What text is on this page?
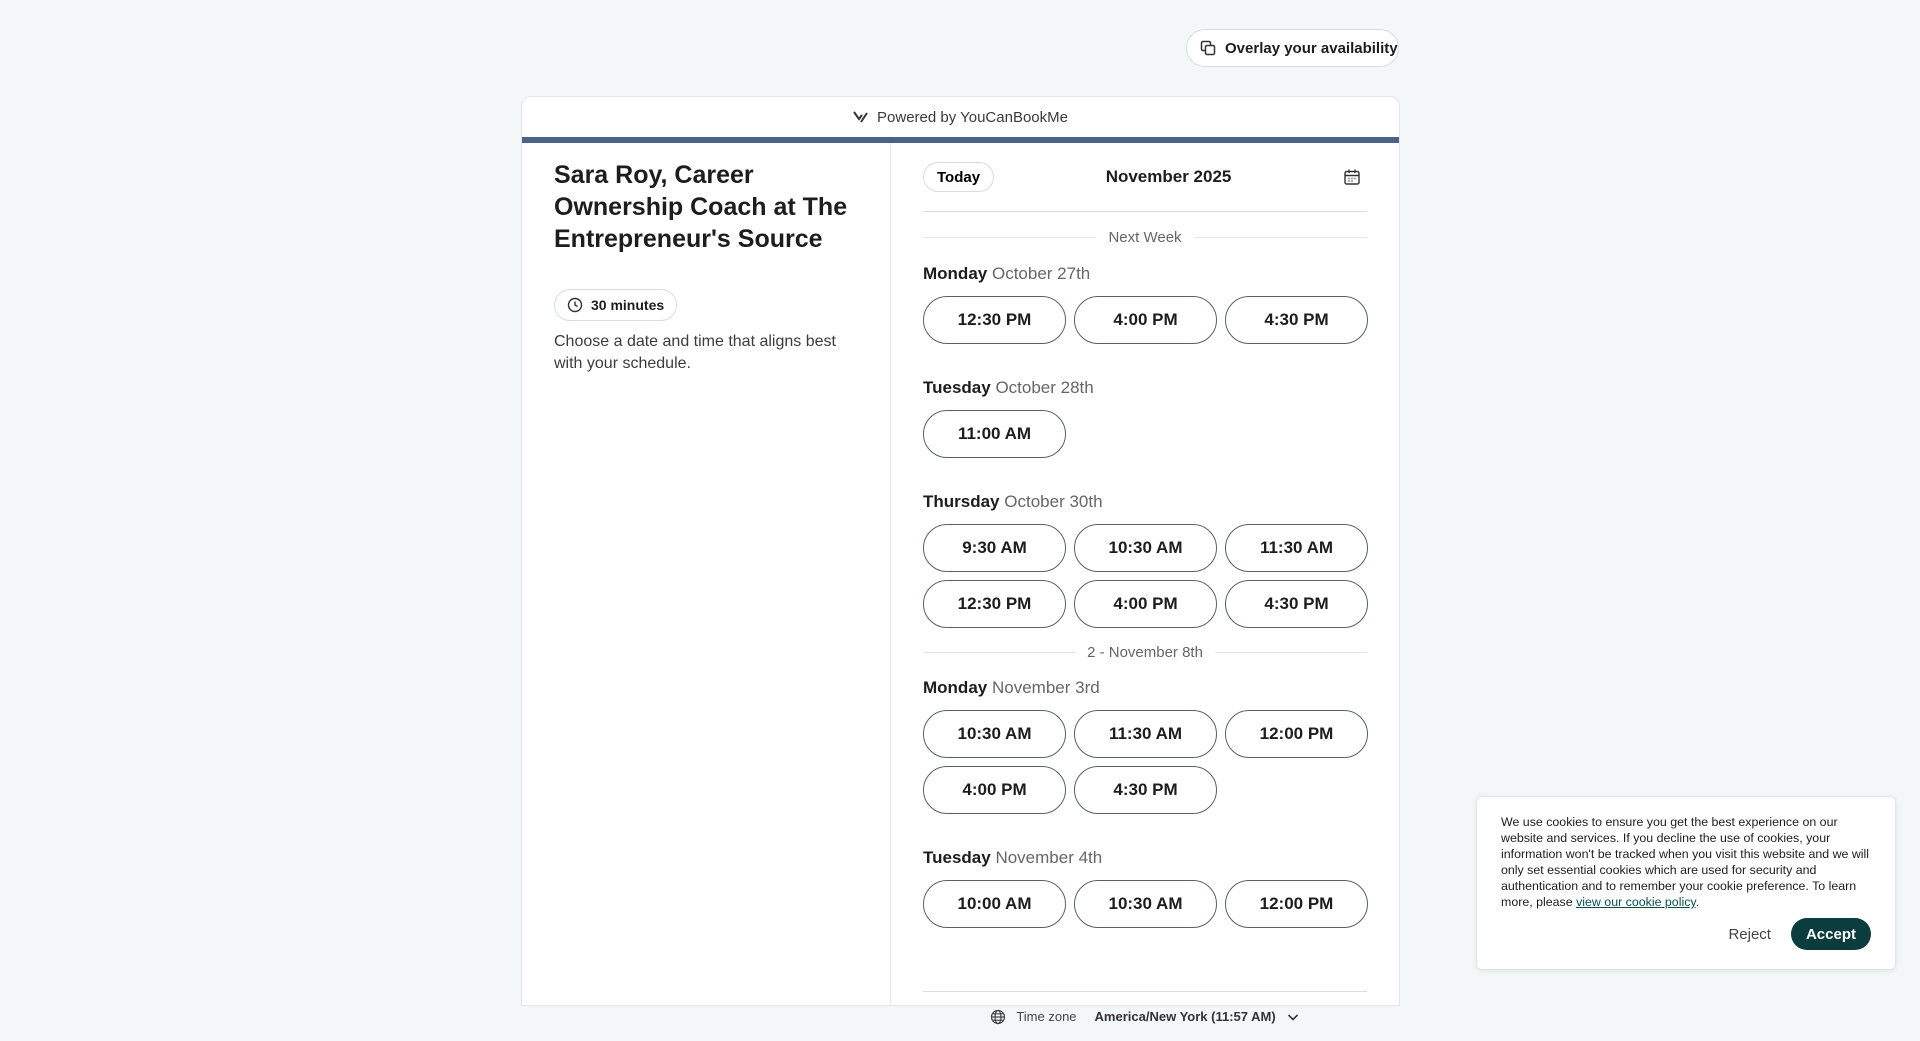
Overlay your availability
Powered by YouCanBookMe
Sara Roy, Career Ownership Coach at The Entrepreneur's Source
30 minutes

Choose a date and time that aligns best with your schedule.

Today	November 2025
Next Week
Monday October 27th
12:30 PM	4:00 PM	4:30 PM
Tuesday October 28th
11:00 AM
Thursday October 30th
9:30 AM	10:30 AM	11:30 AM
12:30 PM	4:00 PM	4:30 PM
2 - November 8th
Monday November 3rd
10:30 AM	11:30 AM	12:00 PM
4:00 PM	4:30 PM
Tuesday November 4th
10:00 AM	10:30 AM	12:00 PM
Time zone America/New York (11:57 AM)

We use cookies to ensure you get the best experience on our website and services. If you decline the use of cookies, your information won't be tracked when you visit this website and we will only set essential cookies which are used for security and authentication and to remember your cookie preference. To learn more, please view our cookie policy.

Reject	Accept
